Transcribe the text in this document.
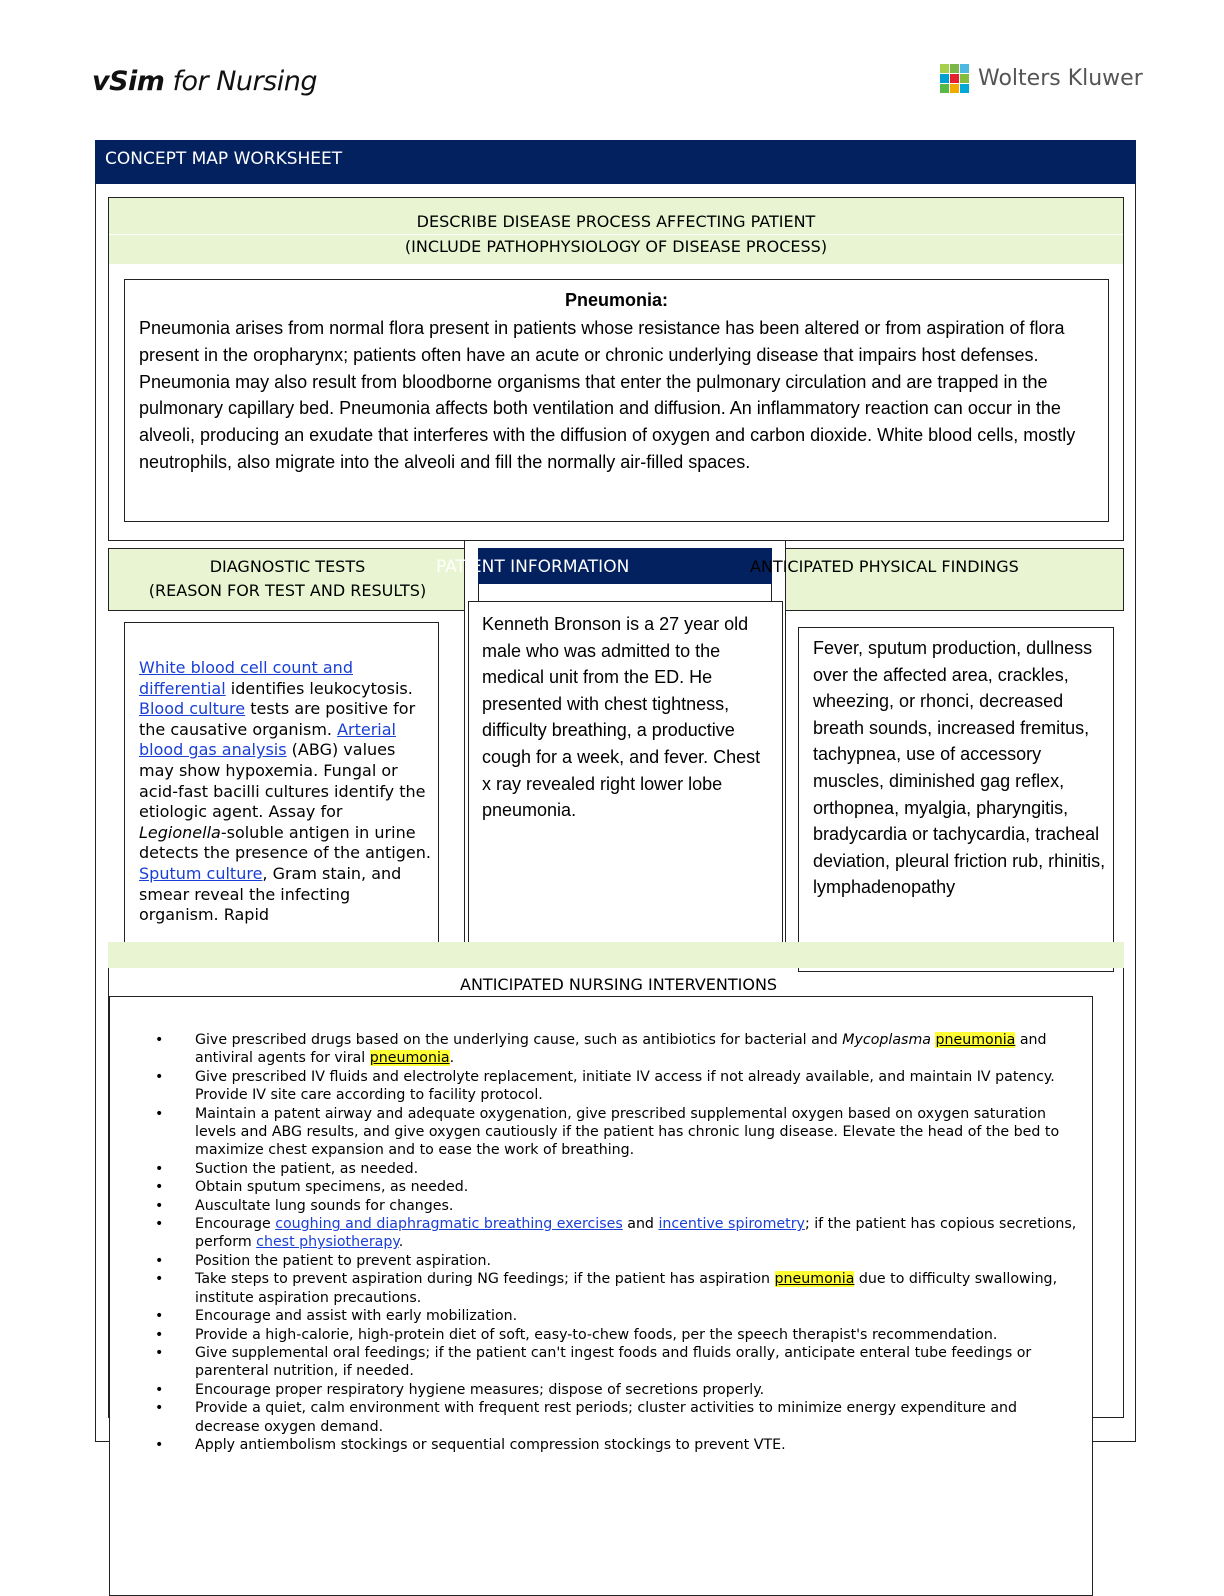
vSim for Nursing	Wolters Kluwer
CONCEPT MAP WORKSHEET
DESCRIBE DISEASE PROCESS AFFECTING PATIENT
(INCLUDE PATHOPHYSIOLOGY OF DISEASE PROCESS)
Pneumonia:
Pneumonia arises from normal flora present in patients whose resistance has been altered or from aspiration of flora present in the oropharynx; patients often have an acute or chronic underlying disease that impairs host defenses. Pneumonia may also result from bloodborne organisms that enter the pulmonary circulation and are trapped in the pulmonary capillary bed. Pneumonia affects both ventilation and diffusion. An inflammatory reaction can occur in the alveoli, producing an exudate that interferes with the diffusion of oxygen and carbon dioxide. White blood cells, mostly neutrophils, also migrate into the alveoli and fill the normally air-filled spaces.
DIAGNOSTIC TESTS
(REASON FOR TEST AND RESULTS)
PATIENT INFORMATION	ANTICIPATED PHYSICAL FINDINGS
White blood cell count and differential identifies leukocytosis. Blood culture tests are positive for the causative organism. Arterial blood gas analysis (ABG) values may show hypoxemia. Fungal or acid-fast bacilli cultures identify the etiologic agent. Assay for Legionella-soluble antigen in urine detects the presence of the antigen. Sputum culture, Gram stain, and smear reveal the infecting organism. Rapid
Kenneth Bronson is a 27 year old male who was admitted to the medical unit from the ED. He presented with chest tightness, difficulty breathing, a productive cough for a week, and fever. Chest x ray revealed right lower lobe pneumonia.
Fever, sputum production, dullness over the affected area, crackles, wheezing, or rhonci, decreased breath sounds, increased fremitus, tachypnea, use of accessory muscles, diminished gag reflex, orthopnea, myalgia, pharyngitis, bradycardia or tachycardia, tracheal deviation, pleural friction rub, rhinitis, lymphadenopathy
ANTICIPATED NURSING INTERVENTIONS
• Give prescribed drugs based on the underlying cause, such as antibiotics for bacterial and Mycoplasma pneumonia and antiviral agents for viral pneumonia.
• Give prescribed IV fluids and electrolyte replacement, initiate IV access if not already available, and maintain IV patency. Provide IV site care according to facility protocol.
• Maintain a patent airway and adequate oxygenation, give prescribed supplemental oxygen based on oxygen saturation levels and ABG results, and give oxygen cautiously if the patient has chronic lung disease. Elevate the head of the bed to maximize chest expansion and to ease the work of breathing.
• Suction the patient, as needed.
• Obtain sputum specimens, as needed.
• Auscultate lung sounds for changes.
• Encourage coughing and diaphragmatic breathing exercises and incentive spirometry; if the patient has copious secretions, perform chest physiotherapy.
• Position the patient to prevent aspiration.
• Take steps to prevent aspiration during NG feedings; if the patient has aspiration pneumonia due to difficulty swallowing, institute aspiration precautions.
• Encourage and assist with early mobilization.
• Provide a high-calorie, high-protein diet of soft, easy-to-chew foods, per the speech therapist's recommendation.
• Give supplemental oral feedings; if the patient can't ingest foods and fluids orally, anticipate enteral tube feedings or parenteral nutrition, if needed.
• Encourage proper respiratory hygiene measures; dispose of secretions properly.
• Provide a quiet, calm environment with frequent rest periods; cluster activities to minimize energy expenditure and decrease oxygen demand.
• Apply antiembolism stockings or sequential compression stockings to prevent VTE.
